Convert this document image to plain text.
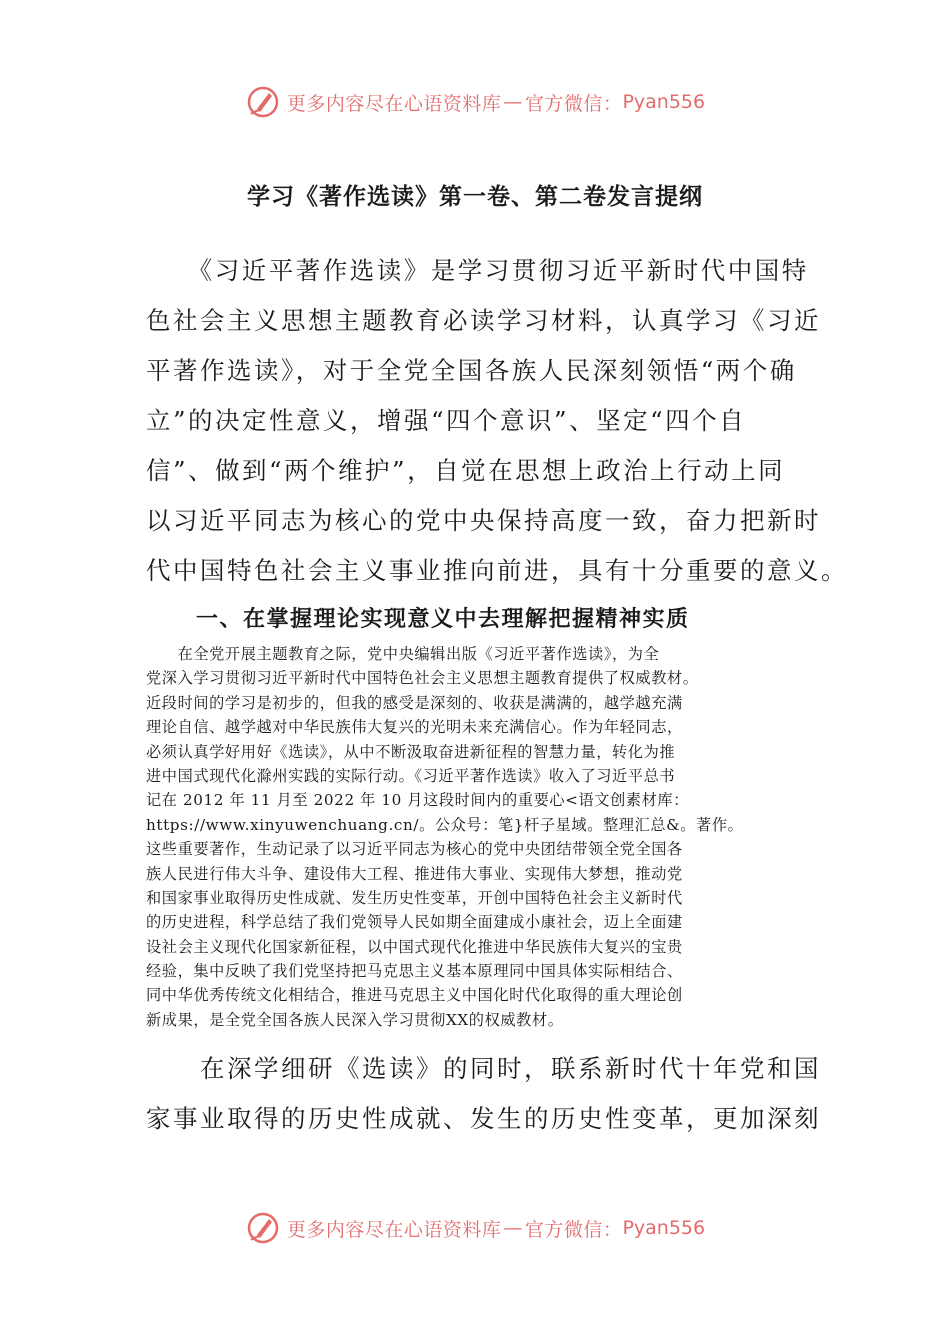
更多内容尽在心语资料库 — 官方微信： Pyan556
学习《著作选读》第一卷、第二卷发言提纲

　　《习近平著作选读》是学习贯彻习近平新时代中国特
色社会主义思想主题教育必读学习材料，认真学习《习近
平著作选读》，对于全党全国各族人民深刻领悟“两个确
立”的决定性意义，增强“四个意识”、坚定“四个自
信”、做到“两个维护”，自觉在思想上政治上行动上同
以习近平同志为核心的党中央保持高度一致，奋力把新时
代中国特色社会主义事业推向前进，具有十分重要的意义。

一、在掌握理论实现意义中去理解把握精神实质

　　在全党开展主题教育之际，党中央编辑出版《习近平著作选读》，为全
党深入学习贯彻习近平新时代中国特色社会主义思想主题教育提供了权威教材。
近段时间的学习是初步的，但我的感受是深刻的、收获是满满的，越学越充满
理论自信、越学越对中华民族伟大复兴的光明未来充满信心。作为年轻同志，
必须认真学好用好《选读》，从中不断汲取奋进新征程的智慧力量，转化为推
进中国式现代化滁州实践的实际行动。《习近平著作选读》收入了习近平总书
记在 2012 年 11 月至 2022 年 10 月这段时间内的重要心<语文创素材库：
https://www.xinyuwenchuang.cn/。公众号：笔}杆子星域。整理汇总&。著作。
这些重要著作，生动记录了以习近平同志为核心的党中央团结带领全党全国各
族人民进行伟大斗争、建设伟大工程、推进伟大事业、实现伟大梦想，推动党
和国家事业取得历史性成就、发生历史性变革，开创中国特色社会主义新时代
的历史进程，科学总结了我们党领导人民如期全面建成小康社会，迈上全面建
设社会主义现代化国家新征程，以中国式现代化推进中华民族伟大复兴的宝贵
经验，集中反映了我们党坚持把马克思主义基本原理同中国具体实际相结合、
同中华优秀传统文化相结合，推进马克思主义中国化时代化取得的重大理论创
新成果，是全党全国各族人民深入学习贯彻XX的权威教材。

　　在深学细研《选读》的同时，联系新时代十年党和国
家事业取得的历史性成就、发生的历史性变革，更加深刻

更多内容尽在心语资料库 — 官方微信： Pyan556
